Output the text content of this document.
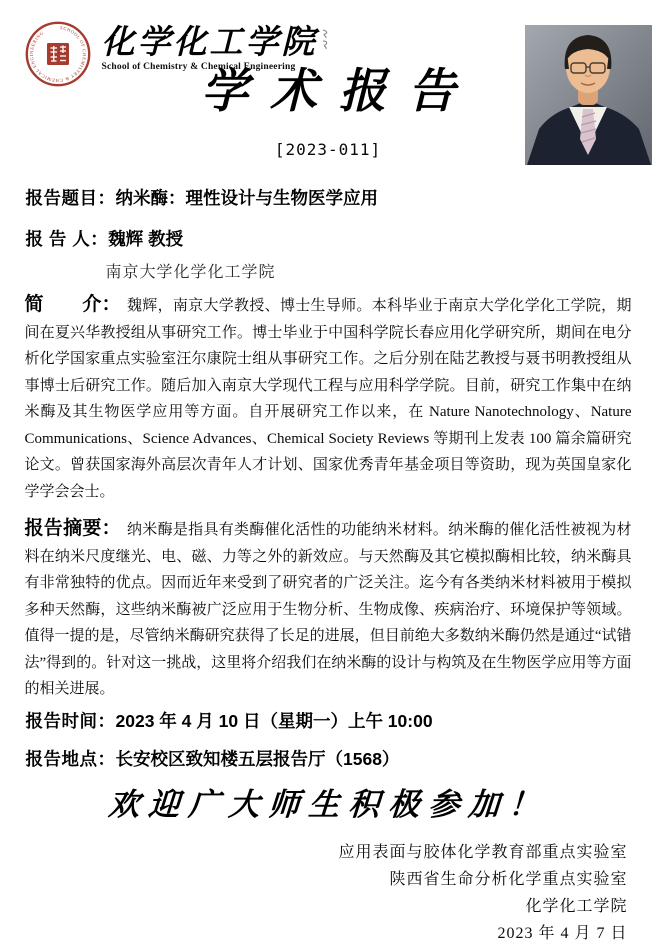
SCHOOL OF CHEMISTRY & CHEMICAL ENGINEERING	化学化工学院
School of Chemistry & Chemical Engineering
学术报告
[2023-011]

报告题目：纳米酶：理性设计与生物医学应用

报 告 人：魏辉 教授

南京大学化学化工学院

简　　介： 魏辉，南京大学教授、博士生导师。本科毕业于南京大学化学化工学院，期间在夏兴华教授组从事研究工作。博士毕业于中国科学院长春应用化学研究所，期间在电分析化学国家重点实验室汪尔康院士组从事研究工作。之后分别在陆艺教授与聂书明教授组从事博士后研究工作。随后加入南京大学现代工程与应用科学学院。目前，研究工作集中在纳米酶及其生物医学应用等方面。自开展研究工作以来，在 Nature Nanotechnology、Nature Communications、Science Advances、Chemical Society Reviews 等期刊上发表 100 篇余篇研究论文。曾获国家海外高层次青年人才计划、国家优秀青年基金项目等资助，现为英国皇家化学学会会士。

报告摘要： 纳米酶是指具有类酶催化活性的功能纳米材料。纳米酶的催化活性被视为材料在纳米尺度继光、电、磁、力等之外的新效应。与天然酶及其它模拟酶相比较，纳米酶具有非常独特的优点。因而近年来受到了研究者的广泛关注。迄今有各类纳米材料被用于模拟多种天然酶，这些纳米酶被广泛应用于生物分析、生物成像、疾病治疗、环境保护等领域。值得一提的是，尽管纳米酶研究获得了长足的进展，但目前绝大多数纳米酶仍然是通过“试错法”得到的。针对这一挑战，这里将介绍我们在纳米酶的设计与构筑及在生物医学应用等方面的相关进展。

报告时间：2023 年 4 月 10 日（星期一）上午 10:00

报告地点：长安校区致知楼五层报告厅（1568）

欢迎广大师生积极参加！

应用表面与胶体化学教育部重点实验室
陕西省生命分析化学重点实验室
化学化工学院
2023 年 4 月 7 日
